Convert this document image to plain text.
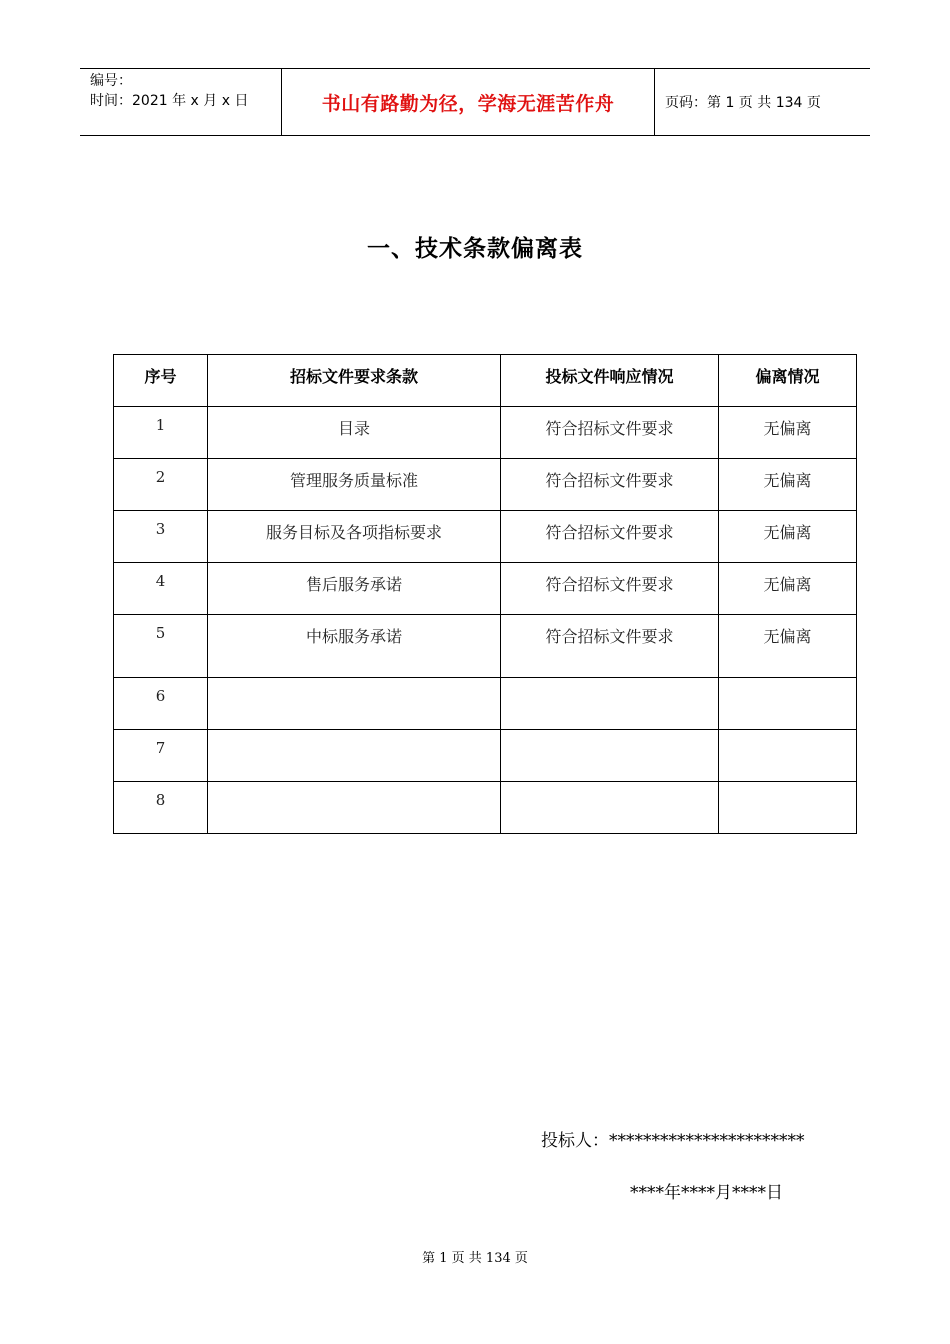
编号：
时间：2021 年 x 月 x 日	书山有路勤为径，学海无涯苦作舟	页码：第 1 页 共 134 页
一、技术条款偏离表
序号	招标文件要求条款	投标文件响应情况	偏离情况
1	目录	符合招标文件要求	无偏离
2	管理服务质量标准	符合招标文件要求	无偏离
3	服务目标及各项指标要求	符合招标文件要求	无偏离
4	售后服务承诺	符合招标文件要求	无偏离
5	中标服务承诺	符合招标文件要求	无偏离
6			
7			
8			
投标人：***********************
****年****月****日
第 1 页 共 134 页
